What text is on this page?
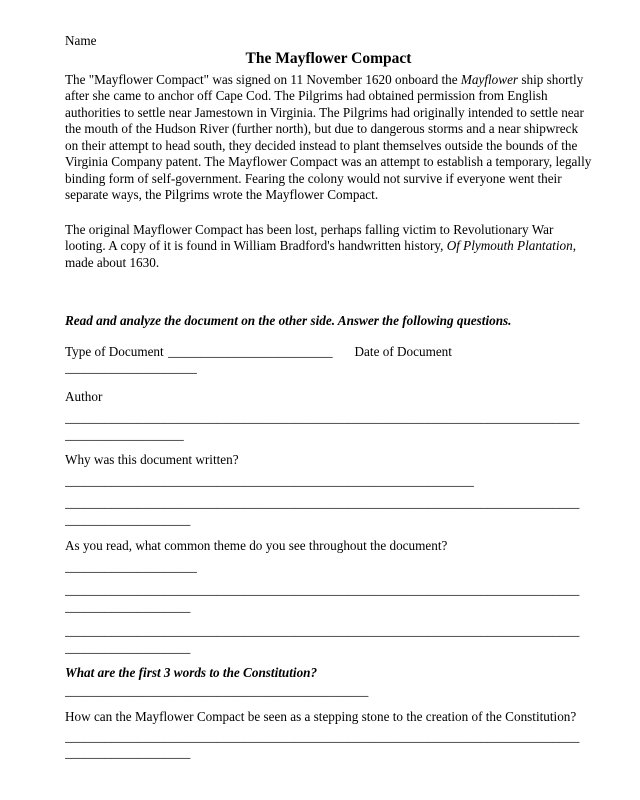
Name
The Mayflower Compact
The "Mayflower Compact" was signed on 11 November 1620 onboard the Mayflower ship shortly after she came to anchor off Cape Cod. The Pilgrims had obtained permission from English authorities to settle near Jamestown in Virginia. The Pilgrims had originally intended to settle near the mouth of the Hudson River (further north), but due to dangerous storms and a near shipwreck on their attempt to head south, they decided instead to plant themselves outside the bounds of the Virginia Company patent. The Mayflower Compact was an attempt to establish a temporary, legally binding form of self-government. Fearing the colony would not survive if everyone went their separate ways, the Pilgrims wrote the Mayflower Compact.
The original Mayflower Compact has been lost, perhaps falling victim to Revolutionary War looting. A copy of it is found in William Bradford's handwritten history, Of Plymouth Plantation, made about 1630.
Read and analyze the document on the other side. Answer the following questions.
Type of Document _________________________ Date of Document
____________________
Author
______________________________________________________________________________
__________________
Why was this document written?
______________________________________________________________
______________________________________________________________________________
___________________
As you read, what common theme do you see throughout the document?
____________________
______________________________________________________________________________
___________________
______________________________________________________________________________
___________________
What are the first 3 words to the Constitution?
______________________________________________
How can the Mayflower Compact be seen as a stepping stone to the creation of the Constitution?
______________________________________________________________________________
___________________
